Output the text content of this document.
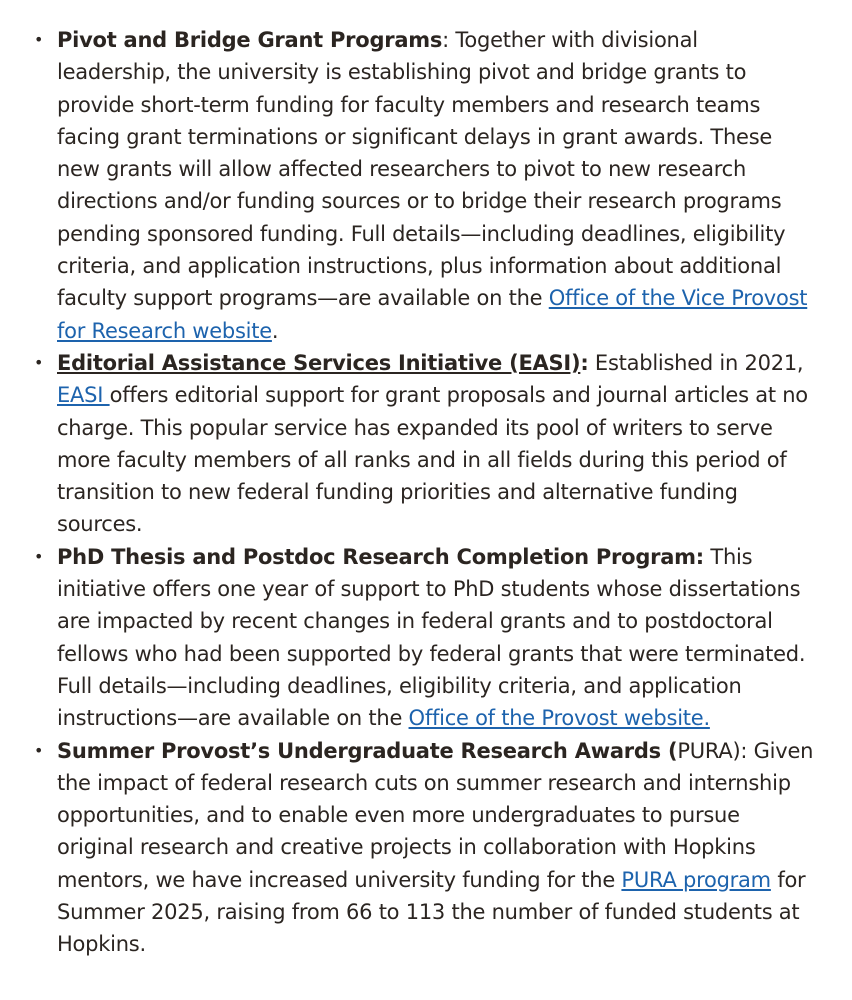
• Pivot and Bridge Grant Programs: Together with divisional leadership, the university is establishing pivot and bridge grants to provide short-term funding for faculty members and research teams facing grant terminations or significant delays in grant awards. These new grants will allow affected researchers to pivot to new research directions and/or funding sources or to bridge their research programs pending sponsored funding. Full details—including deadlines, eligibility criteria, and application instructions, plus information about additional faculty support programs—are available on the Office of the Vice Provost for Research website.
• Editorial Assistance Services Initiative (EASI): Established in 2021, EASI offers editorial support for grant proposals and journal articles at no charge. This popular service has expanded its pool of writers to serve more faculty members of all ranks and in all fields during this period of transition to new federal funding priorities and alternative funding sources.
• PhD Thesis and Postdoc Research Completion Program: This initiative offers one year of support to PhD students whose dissertations are impacted by recent changes in federal grants and to postdoctoral fellows who had been supported by federal grants that were terminated. Full details—including deadlines, eligibility criteria, and application instructions—are available on the Office of the Provost website.
• Summer Provost’s Undergraduate Research Awards (PURA): Given the impact of federal research cuts on summer research and internship opportunities, and to enable even more undergraduates to pursue original research and creative projects in collaboration with Hopkins mentors, we have increased university funding for the PURA program for Summer 2025, raising from 66 to 113 the number of funded students at Hopkins.
